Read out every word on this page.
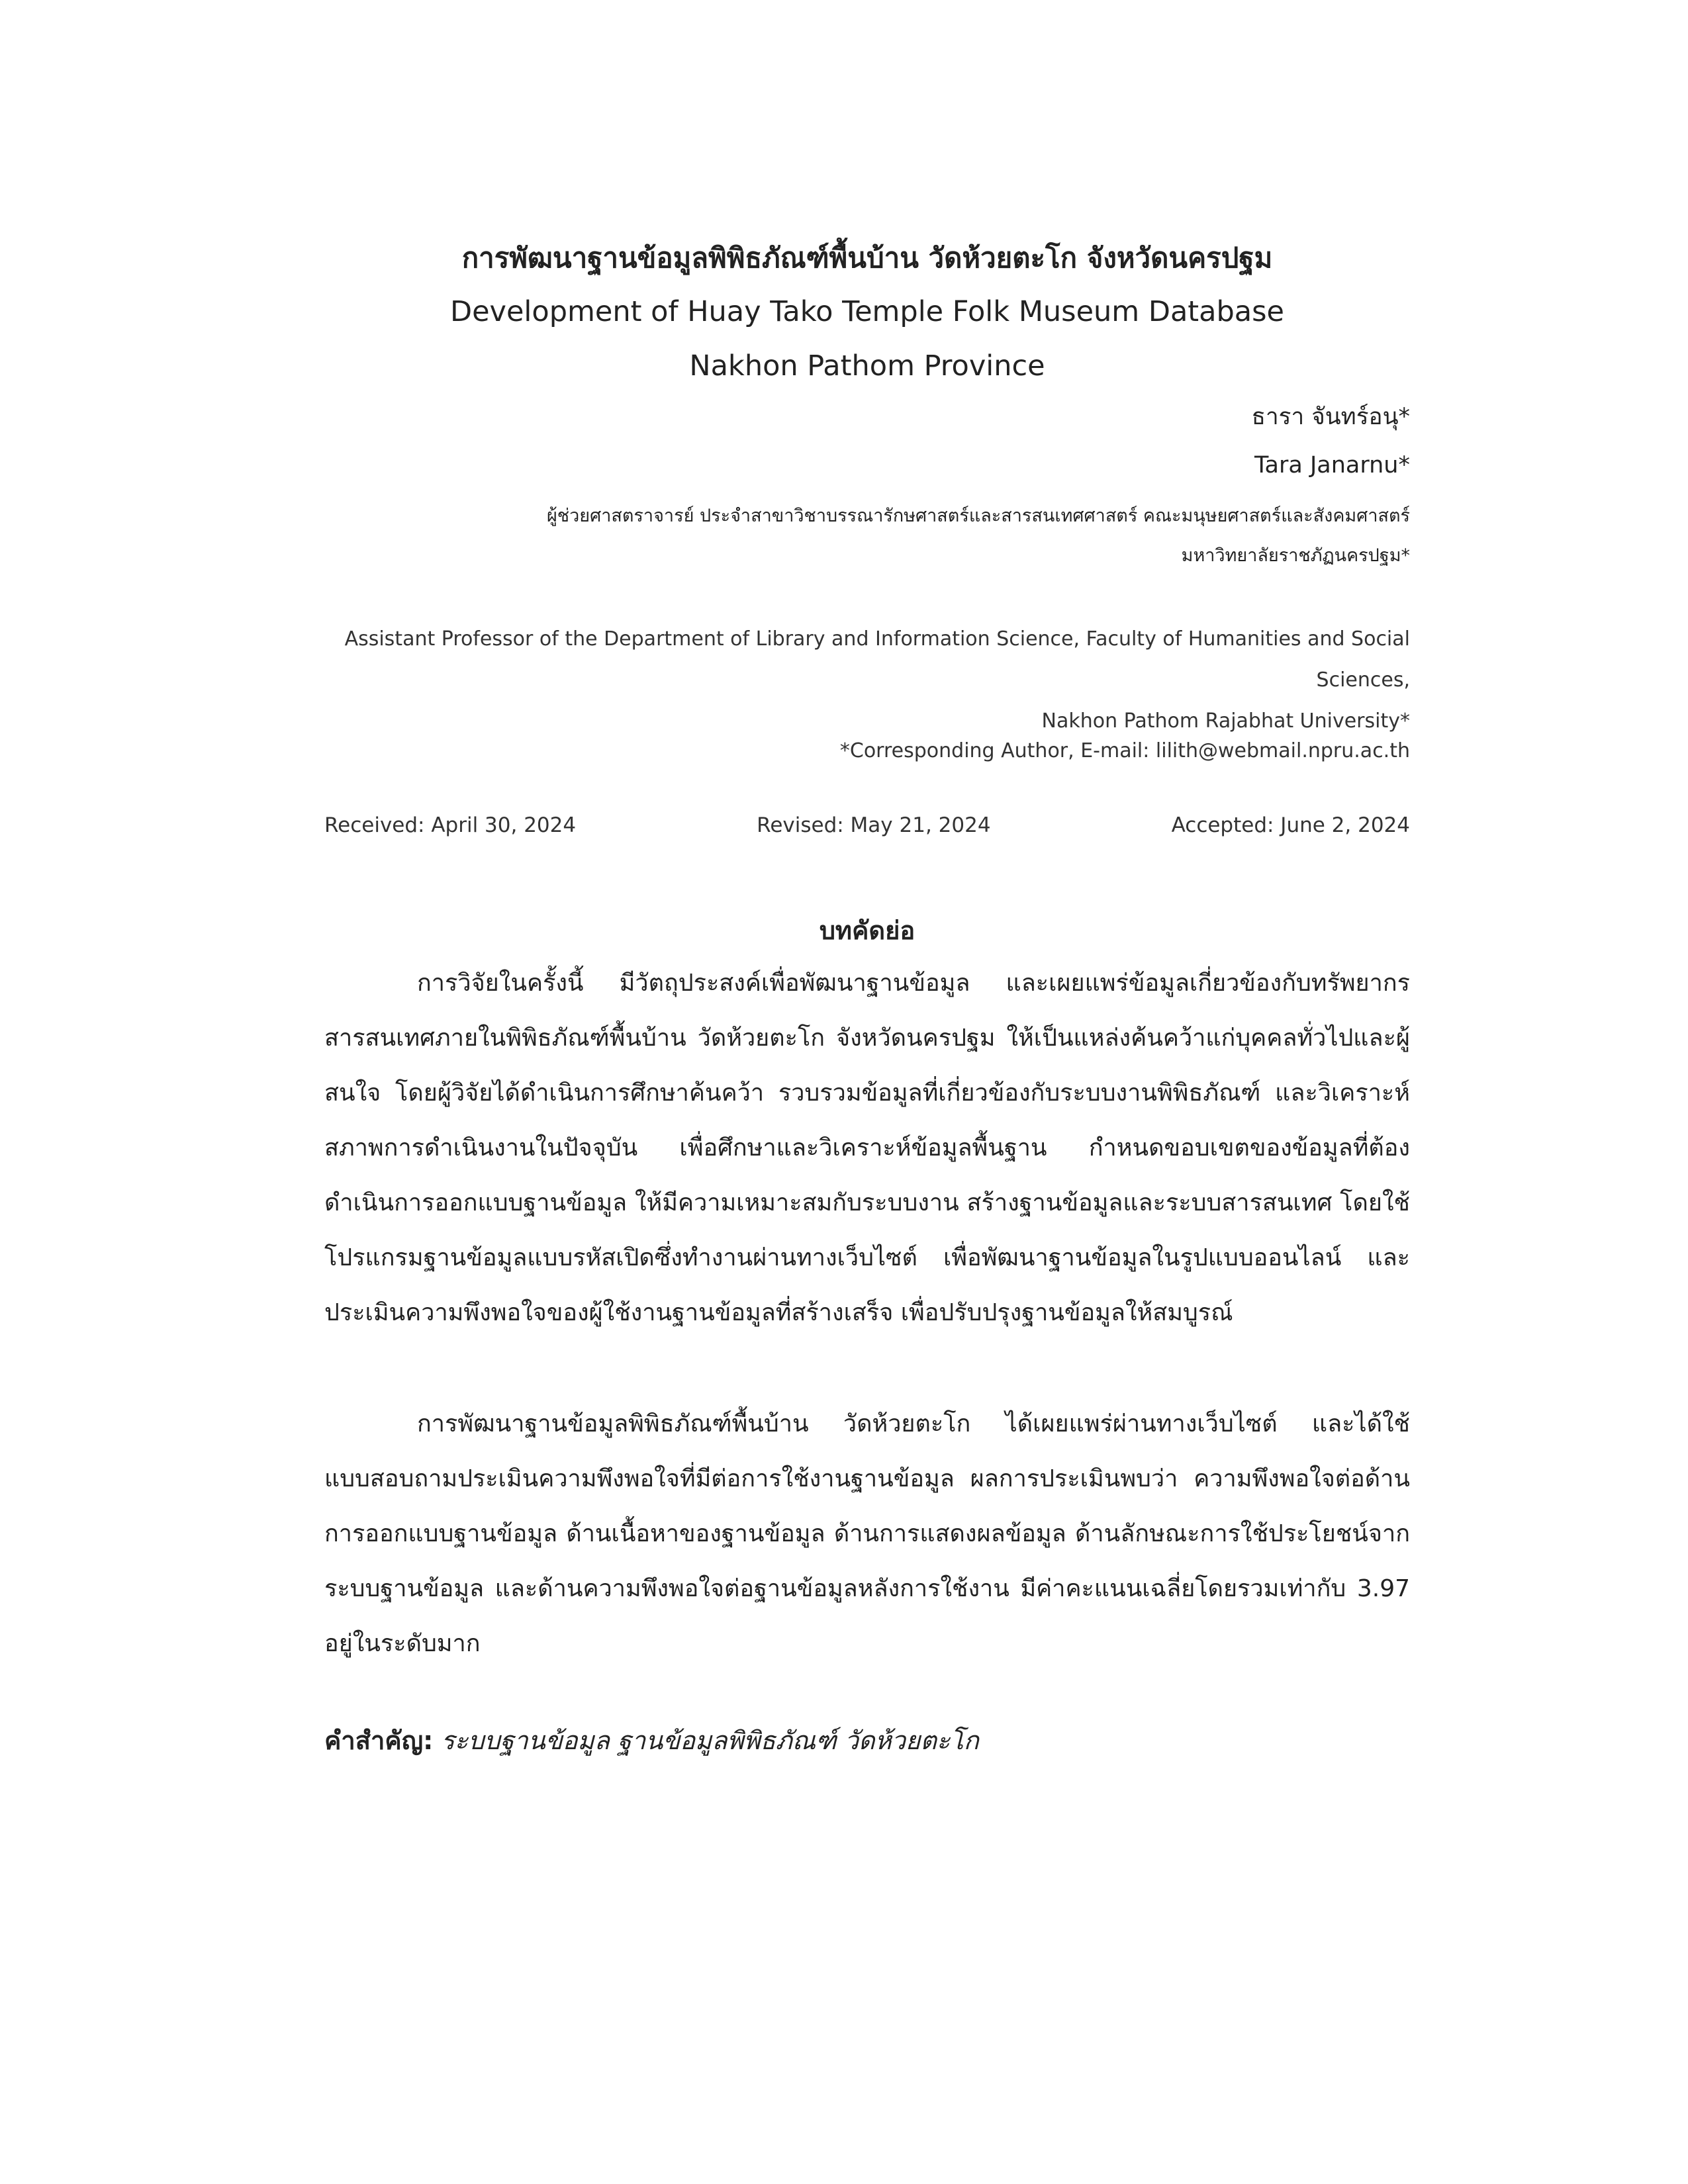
การพัฒนาฐานข้อมูลพิพิธภัณฑ์พื้นบ้าน วัดห้วยตะโก จังหวัดนครปฐม
Development of Huay Tako Temple Folk Museum Database
Nakhon Pathom Province
ธารา จันทร์อนุ*
Tara Janarnu*
ผู้ช่วยศาสตราจารย์ ประจำสาขาวิชาบรรณารักษศาสตร์และสารสนเทศศาสตร์ คณะมนุษยศาสตร์และสังคมศาสตร์
มหาวิทยาลัยราชภัฏนครปฐม*
Assistant Professor of the Department of Library and Information Science, Faculty of Humanities and Social Sciences,
Nakhon Pathom Rajabhat University*
*Corresponding Author, E-mail: lilith@webmail.npru.ac.th
Received: April 30, 2024	Revised: May 21, 2024	Accepted: June 2, 2024
บทคัดย่อ

การวิจัยในครั้งนี้ มีวัตถุประสงค์เพื่อพัฒนาฐานข้อมูล และเผยแพร่ข้อมูลเกี่ยวข้องกับทรัพยากรสารสนเทศภายในพิพิธภัณฑ์พื้นบ้าน วัดห้วยตะโก จังหวัดนครปฐม ให้เป็นแหล่งค้นคว้าแก่บุคคลทั่วไปและผู้สนใจ โดยผู้วิจัยได้ดำเนินการศึกษาค้นคว้า รวบรวมข้อมูลที่เกี่ยวข้องกับระบบงานพิพิธภัณฑ์ และวิเคราะห์สภาพการดำเนินงานในปัจจุบัน เพื่อศึกษาและวิเคราะห์ข้อมูลพื้นฐาน กำหนดขอบเขตของข้อมูลที่ต้องดำเนินการออกแบบฐานข้อมูล ให้มีความเหมาะสมกับระบบงาน สร้างฐานข้อมูลและระบบสารสนเทศ โดยใช้โปรแกรมฐานข้อมูลแบบรหัสเปิดซึ่งทำงานผ่านทางเว็บไซต์ เพื่อพัฒนาฐานข้อมูลในรูปแบบออนไลน์ และประเมินความพึงพอใจของผู้ใช้งานฐานข้อมูลที่สร้างเสร็จ เพื่อปรับปรุงฐานข้อมูลให้สมบูรณ์

การพัฒนาฐานข้อมูลพิพิธภัณฑ์พื้นบ้าน วัดห้วยตะโก ได้เผยแพร่ผ่านทางเว็บไซต์ และได้ใช้แบบสอบถามประเมินความพึงพอใจที่มีต่อการใช้งานฐานข้อมูล ผลการประเมินพบว่า ความพึงพอใจต่อด้านการออกแบบฐานข้อมูล ด้านเนื้อหาของฐานข้อมูล ด้านการแสดงผลข้อมูล ด้านลักษณะการใช้ประโยชน์จากระบบฐานข้อมูล และด้านความพึงพอใจต่อฐานข้อมูลหลังการใช้งาน มีค่าคะแนนเฉลี่ยโดยรวมเท่ากับ 3.97 อยู่ในระดับมาก

คำสำคัญ: ระบบฐานข้อมูล ฐานข้อมูลพิพิธภัณฑ์ วัดห้วยตะโก
